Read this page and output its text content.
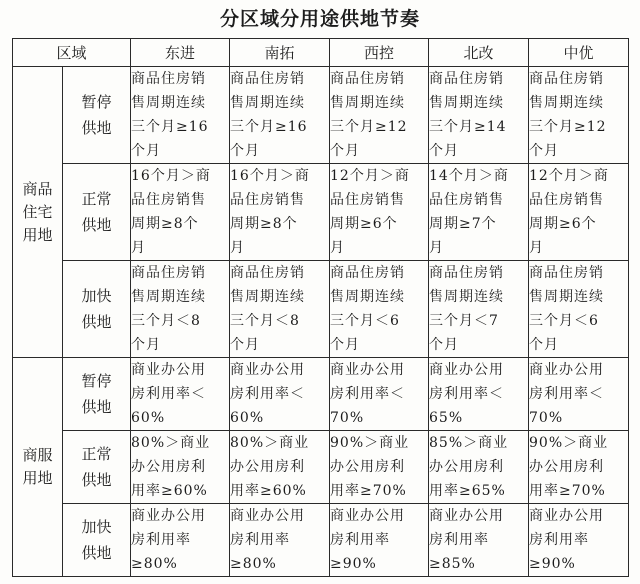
分区域分用途供地节奏
区域		东进	南拓	西控	北改	中优

商品
住宅
用地	暂停
供地	商品住房销
售周期连续
三个月≥16
个月	商品住房销
售周期连续
三个月≥16
个月	商品住房销
售周期连续
三个月≥12
个月	商品住房销
售周期连续
三个月≥14
个月	商品住房销
售周期连续
三个月≥12
个月

	正常
供地	16个月＞商
品住房销售
周期≥8个
月	16个月＞商
品住房销售
周期≥8个
月	12个月＞商
品住房销售
周期≥6个
月	14个月＞商
品住房销售
周期≥7个
月	12个月＞商
品住房销售
周期≥6个
月

	加快
供地	商品住房销
售周期连续
三个月＜8
个月	商品住房销
售周期连续
三个月＜8
个月	商品住房销
售周期连续
三个月＜6
个月	商品住房销
售周期连续
三个月＜7
个月	商品住房销
售周期连续
三个月＜6
个月

商服
用地	暂停
供地	商业办公用
房利用率＜
60%	商业办公用
房利用率＜
60%	商业办公用
房利用率＜
70%	商业办公用
房利用率＜
65%	商业办公用
房利用率＜
70%

	正常
供地	80%＞商业
办公用房利
用率≥60%	80%＞商业
办公用房利
用率≥60%	90%＞商业
办公用房利
用率≥70%	85%＞商业
办公用房利
用率≥65%	90%＞商业
办公用房利
用率≥70%

	加快
供地	商业办公用
房利用率
≥80%	商业办公用
房利用率
≥80%	商业办公用
房利用率
≥90%	商业办公用
房利用率
≥85%	商业办公用
房利用率
≥90%
